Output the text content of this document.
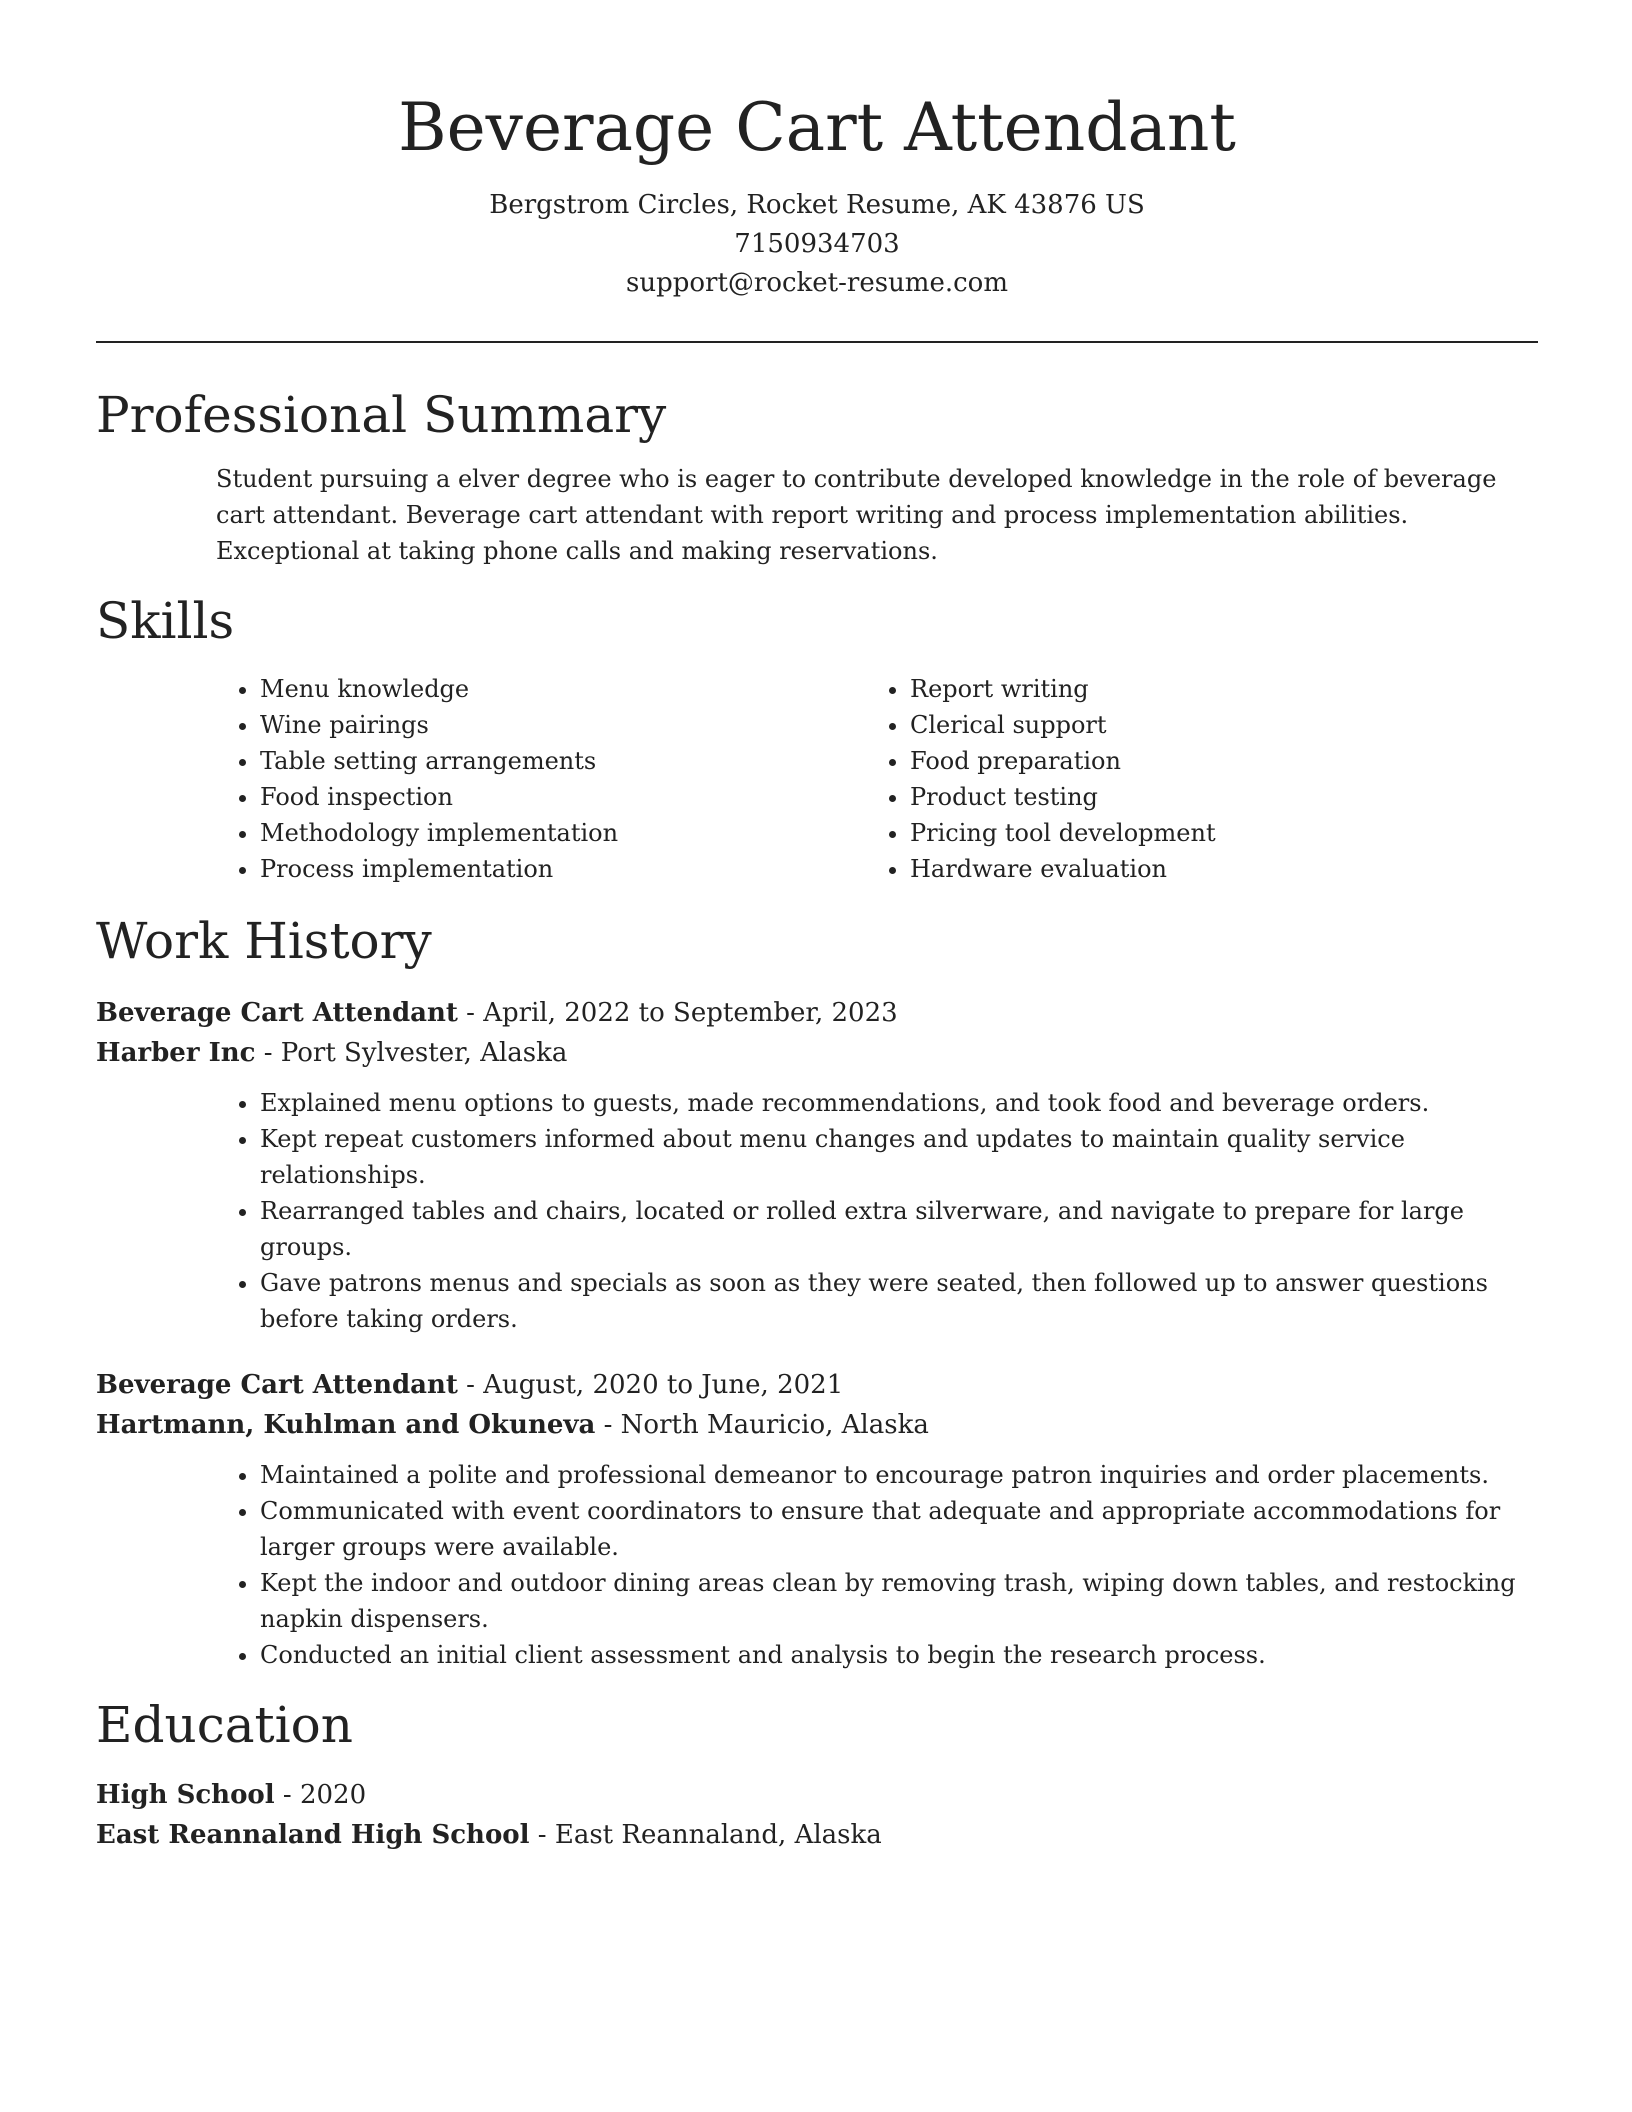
Beverage Cart Attendant

Bergstrom Circles, Rocket Resume, AK 43876 US

7150934703

support@rocket-resume.com

Professional Summary

Student pursuing a elver degree who is eager to contribute developed knowledge in the role of beverage cart attendant. Beverage cart attendant with report writing and process implementation abilities. Exceptional at taking phone calls and making reservations.

Skills
• Menu knowledge
• Wine pairings
• Table setting arrangements
• Food inspection
• Methodology implementation
• Process implementation
• Report writing
• Clerical support
• Food preparation
• Product testing
• Pricing tool development
• Hardware evaluation
Work History

Beverage Cart Attendant - April, 2022 to September, 2023

Harber Inc - Port Sylvester, Alaska

• Explained menu options to guests, made recommendations, and took food and beverage orders.
• Kept repeat customers informed about menu changes and updates to maintain quality service relationships.
• Rearranged tables and chairs, located or rolled extra silverware, and navigate to prepare for large groups.
• Gave patrons menus and specials as soon as they were seated, then followed up to answer questions before taking orders.

Beverage Cart Attendant - August, 2020 to June, 2021

Hartmann, Kuhlman and Okuneva - North Mauricio, Alaska

• Maintained a polite and professional demeanor to encourage patron inquiries and order placements.
• Communicated with event coordinators to ensure that adequate and appropriate accommodations for larger groups were available.
• Kept the indoor and outdoor dining areas clean by removing trash, wiping down tables, and restocking napkin dispensers.
• Conducted an initial client assessment and analysis to begin the research process.
Education

High School - 2020

East Reannaland High School - East Reannaland, Alaska
